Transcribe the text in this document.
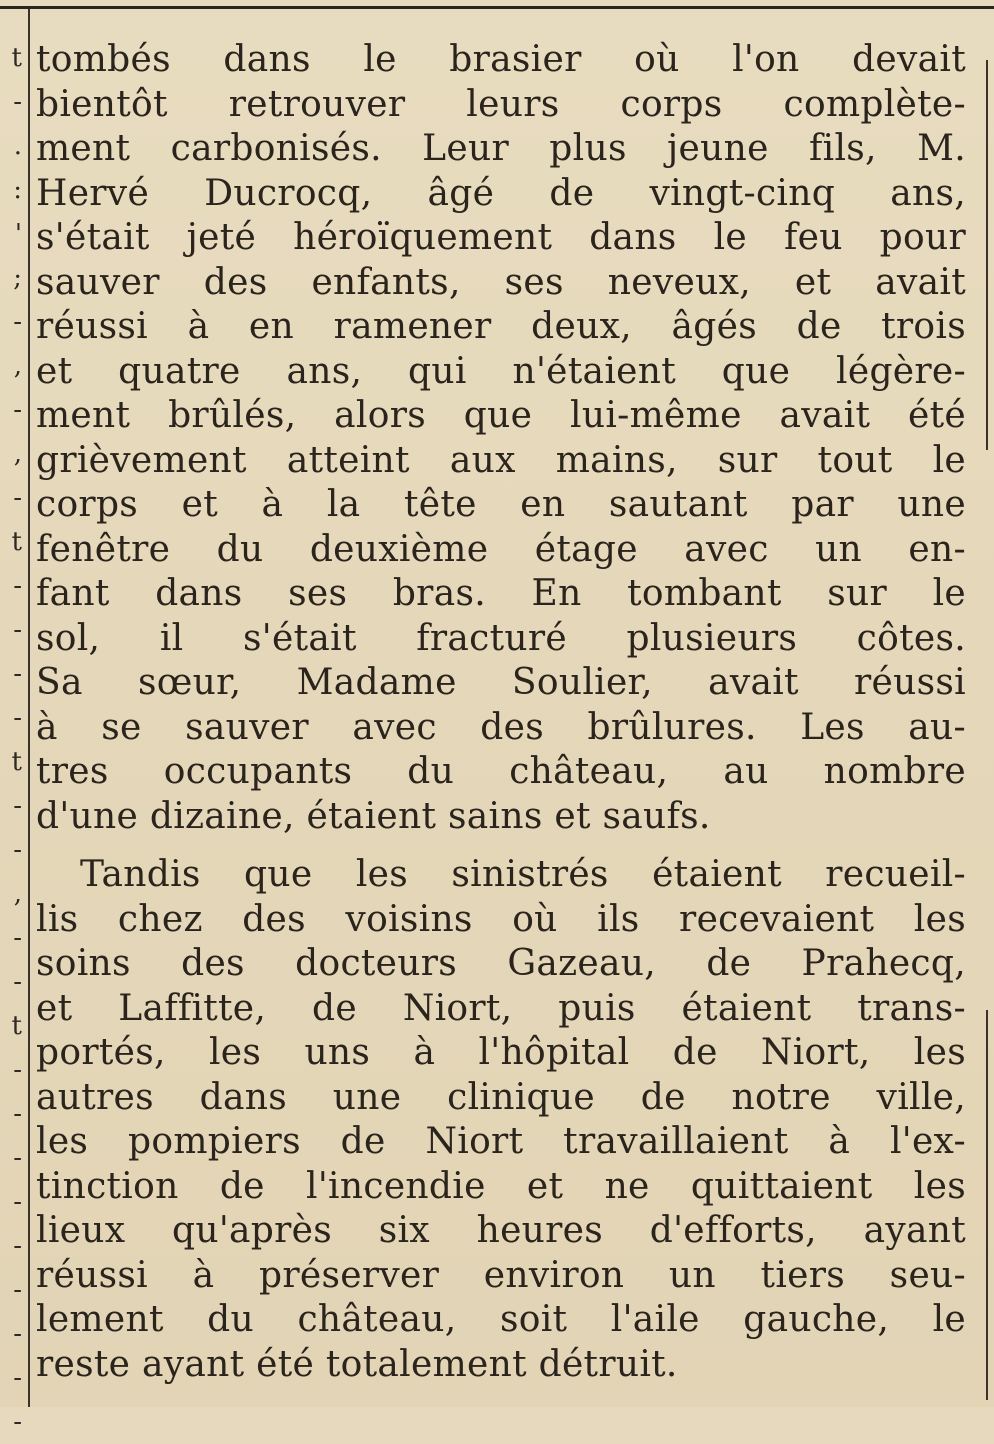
t
-
.
:
'
;
-
,
-
,
-
t
-
-
-
-
t
-
-
,
-
-
t
-
-
-
-
-
-
-
-
-
tombés dans le brasier où l'on devait
bientôt retrouver leurs corps complète-
ment carbonisés. Leur plus jeune fils, M.
Hervé Ducrocq, âgé de vingt-cinq ans,
s'était jeté héroïquement dans le feu pour
sauver des enfants, ses neveux, et avait
réussi à en ramener deux, âgés de trois
et quatre ans, qui n'étaient que légère-
ment brûlés, alors que lui-même avait été
grièvement atteint aux mains, sur tout le
corps et à la tête en sautant par une
fenêtre du deuxième étage avec un en-
fant dans ses bras. En tombant sur le
sol, il s'était fracturé plusieurs côtes.
Sa sœur, Madame Soulier, avait réussi
à se sauver avec des brûlures. Les au-
tres occupants du château, au nombre
d'une dizaine, étaient sains et saufs.
Tandis que les sinistrés étaient recueil-
lis chez des voisins où ils recevaient les
soins des docteurs Gazeau, de Prahecq,
et Laffitte, de Niort, puis étaient trans-
portés, les uns à l'hôpital de Niort, les
autres dans une clinique de notre ville,
les pompiers de Niort travaillaient à l'ex-
tinction de l'incendie et ne quittaient les
lieux qu'après six heures d'efforts, ayant
réussi à préserver environ un tiers seu-
lement du château, soit l'aile gauche, le
reste ayant été totalement détruit.
